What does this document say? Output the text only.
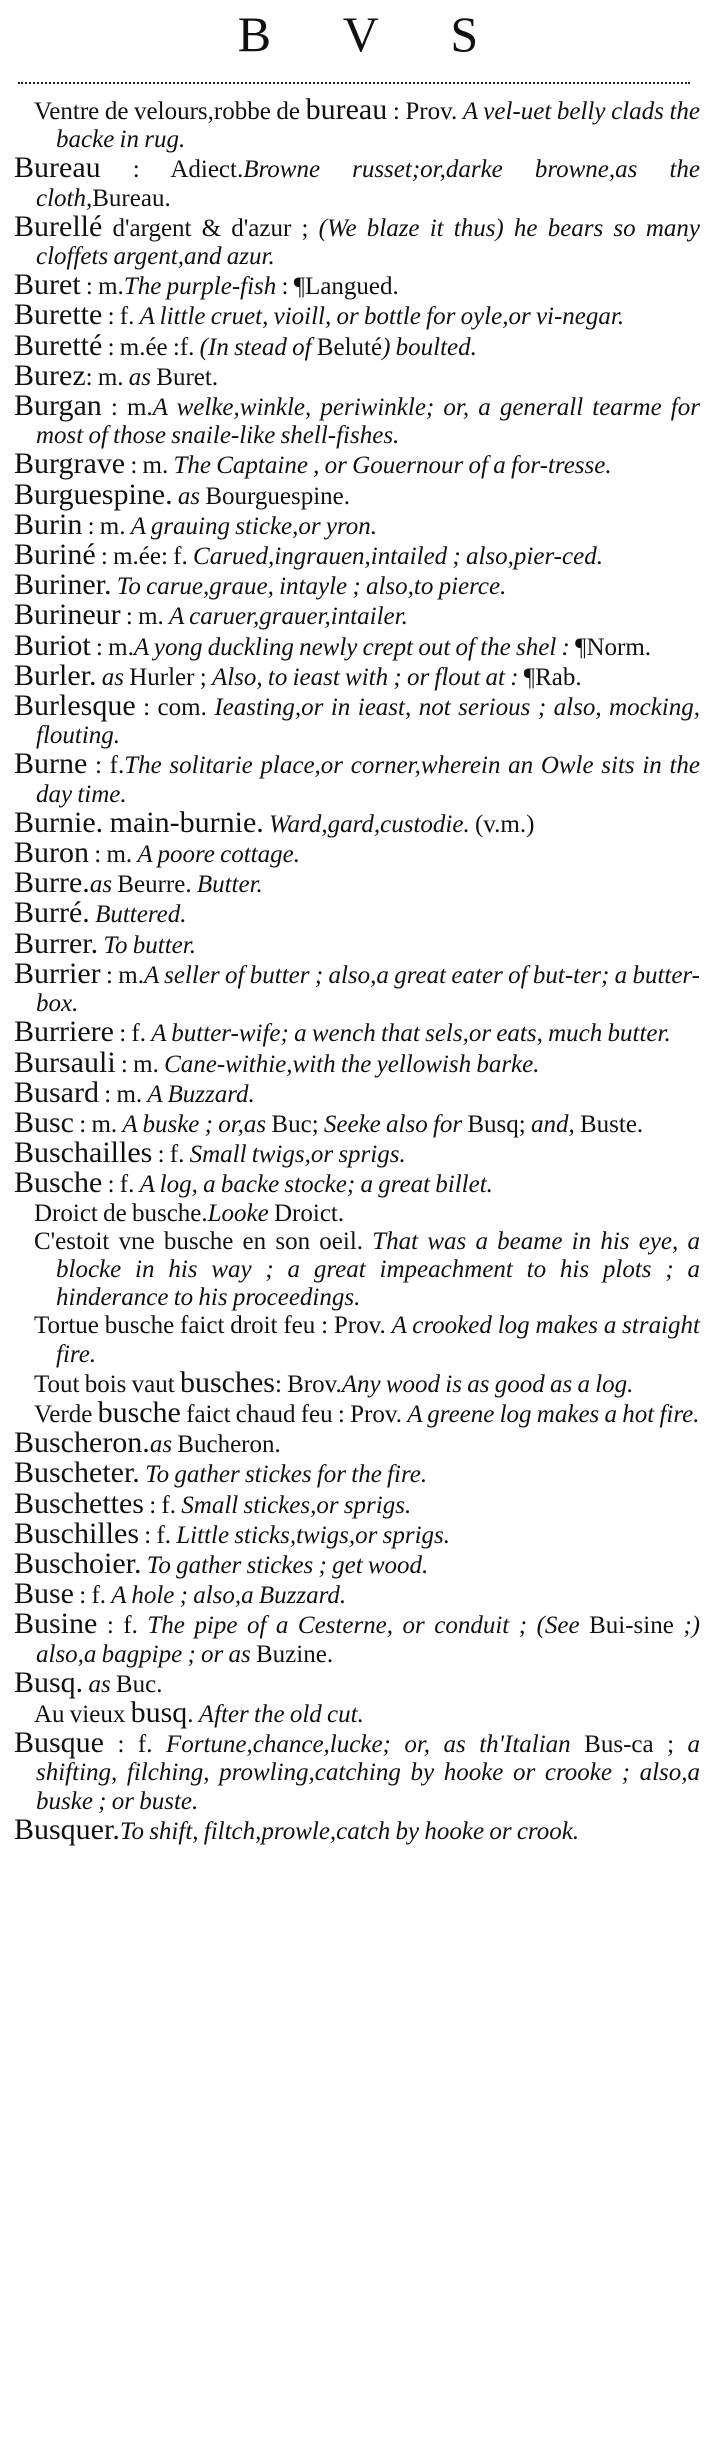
B V S

Ventre de velours,robbe de bureau : Prov. A vel-uet belly clads the backe in rug.

Bureau : Adiect.Browne russet;or,darke browne,as the cloth,Bureau.

Burellé d'argent & d'azur ; (We blaze it thus) he bears so many cloffets argent,and azur.

Buret : m.The purple-fish : ¶Langued.

Burette : f. A little cruet, vioill, or bottle for oyle,or vi-negar.

Buretté : m.ée :f. (In stead of Beluté) boulted.

Burez: m. as Buret.

Burgan : m.A welke,winkle, periwinkle; or, a generall tearme for most of those snaile-like shell-fishes.

Burgrave : m. The Captaine , or Gouernour of a for-tresse.

Burguespine. as Bourguespine.

Burin : m. A grauing sticke,or yron.

Buriné : m.ée: f. Carued,ingrauen,intailed ; also,pier-ced.

Buriner. To carue,graue, intayle ; also,to pierce.

Burineur : m. A caruer,grauer,intailer.

Buriot : m.A yong duckling newly crept out of the shel : ¶Norm.

Burler. as Hurler ; Also, to ieast with ; or flout at : ¶Rab.

Burlesque : com. Ieasting,or in ieast, not serious ; also, mocking, flouting.

Burne : f.The solitarie place,or corner,wherein an Owle sits in the day time.

Burnie. main-burnie. Ward,gard,custodie. (v.m.)

Buron : m. A poore cottage.

Burre.as Beurre. Butter.

Burré. Buttered.

Burrer. To butter.

Burrier : m.A seller of butter ; also,a great eater of but-ter; a butter-box.

Burriere : f. A butter-wife; a wench that sels,or eats, much butter.

Bursauli : m. Cane-withie,with the yellowish barke.

Busard : m. A Buzzard.

Busc : m. A buske ; or,as Buc; Seeke also for Busq; and, Buste.

Buschailles : f. Small twigs,or sprigs.

Busche : f. A log, a backe stocke; a great billet.

Droict de busche.Looke Droict.

C'estoit vne busche en son oeil. That was a beame in his eye, a blocke in his way ; a great impeachment to his plots ; a hinderance to his proceedings.

Tortue busche faict droit feu : Prov. A crooked log makes a straight fire.

Tout bois vaut busches: Brov.Any wood is as good as a log.

Verde busche faict chaud feu : Prov. A greene log makes a hot fire.

Buscheron.as Bucheron.

Buscheter. To gather stickes for the fire.

Buschettes : f. Small stickes,or sprigs.

Buschilles : f. Little sticks,twigs,or sprigs.

Buschoier. To gather stickes ; get wood.

Buse : f. A hole ; also,a Buzzard.

Busine : f. The pipe of a Cesterne, or conduit ; (See Bui-sine ;) also,a bagpipe ; or as Buzine.

Busq. as Buc.

Au vieux busq. After the old cut.

Busque : f. Fortune,chance,lucke; or, as th'Italian Bus-ca ; a shifting, filching, prowling,catching by hooke or crooke ; also,a buske ; or buste.

Busquer.To shift, filtch,prowle,catch by hooke or crook.
